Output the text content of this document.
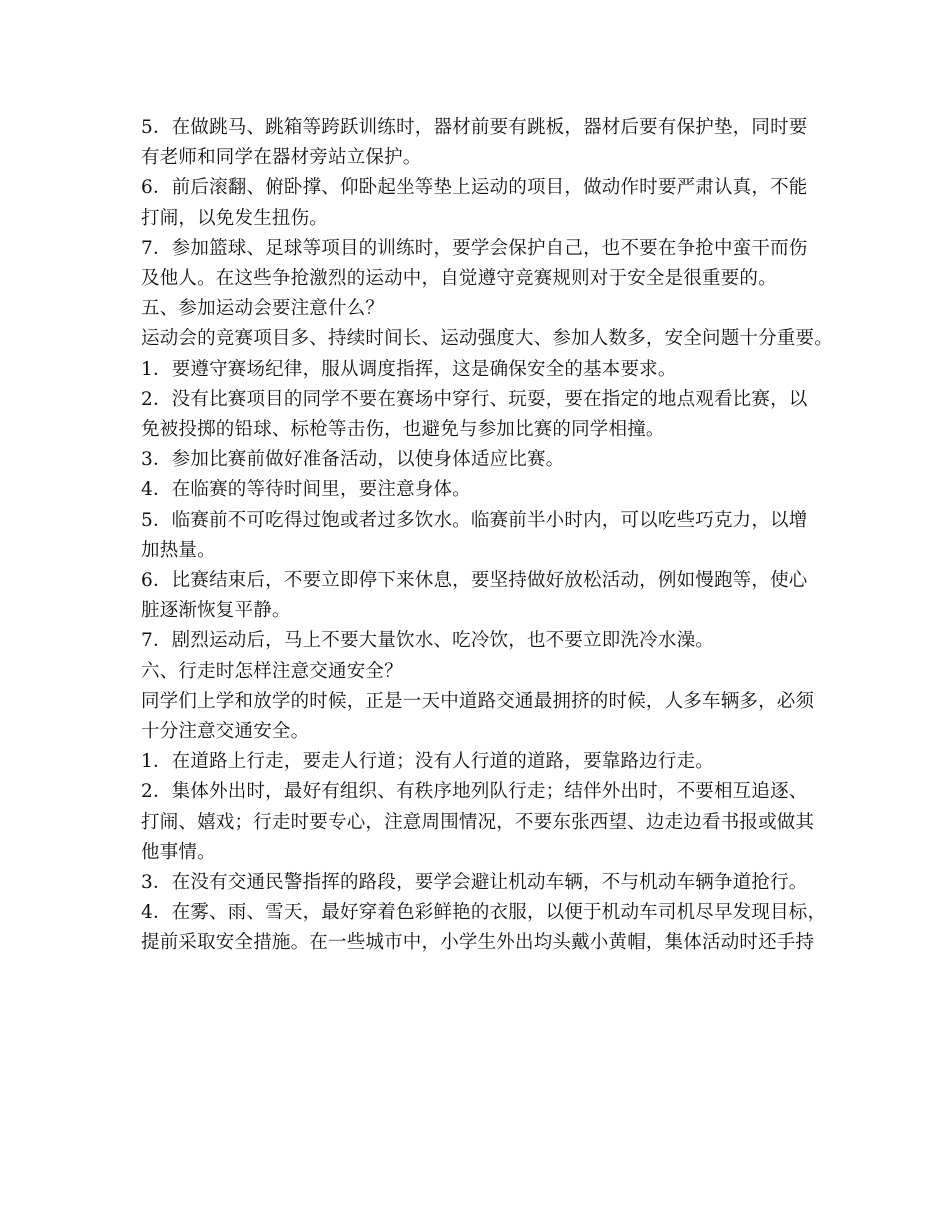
5．在做跳马、跳箱等跨跃训练时，器材前要有跳板，器材后要有保护垫，同时要

有老师和同学在器材旁站立保护。

6．前后滚翻、俯卧撑、仰卧起坐等垫上运动的项目，做动作时要严肃认真，不能

打闹，以免发生扭伤。

7．参加篮球、足球等项目的训练时，要学会保护自己，也不要在争抢中蛮干而伤

及他人。在这些争抢激烈的运动中，自觉遵守竞赛规则对于安全是很重要的。

五、参加运动会要注意什么？

运动会的竞赛项目多、持续时间长、运动强度大、参加人数多，安全问题十分重要。

1．要遵守赛场纪律，服从调度指挥，这是确保安全的基本要求。

2．没有比赛项目的同学不要在赛场中穿行、玩耍，要在指定的地点观看比赛，以

免被投掷的铅球、标枪等击伤，也避免与参加比赛的同学相撞。

3．参加比赛前做好准备活动，以使身体适应比赛。

4．在临赛的等待时间里，要注意身体。

5．临赛前不可吃得过饱或者过多饮水。临赛前半小时内，可以吃些巧克力，以增

加热量。

6．比赛结束后，不要立即停下来休息，要坚持做好放松活动，例如慢跑等，使心

脏逐渐恢复平静。

7．剧烈运动后，马上不要大量饮水、吃冷饮，也不要立即洗冷水澡。

六、行走时怎样注意交通安全？

同学们上学和放学的时候，正是一天中道路交通最拥挤的时候，人多车辆多，必须

十分注意交通安全。

1．在道路上行走，要走人行道；没有人行道的道路，要靠路边行走。

2．集体外出时，最好有组织、有秩序地列队行走；结伴外出时，不要相互追逐、

打闹、嬉戏；行走时要专心，注意周围情况，不要东张西望、边走边看书报或做其

他事情。

3．在没有交通民警指挥的路段，要学会避让机动车辆，不与机动车辆争道抢行。

4．在雾、雨、雪天，最好穿着色彩鲜艳的衣服，以便于机动车司机尽早发现目标，

提前采取安全措施。在一些城市中，小学生外出均头戴小黄帽，集体活动时还手持
